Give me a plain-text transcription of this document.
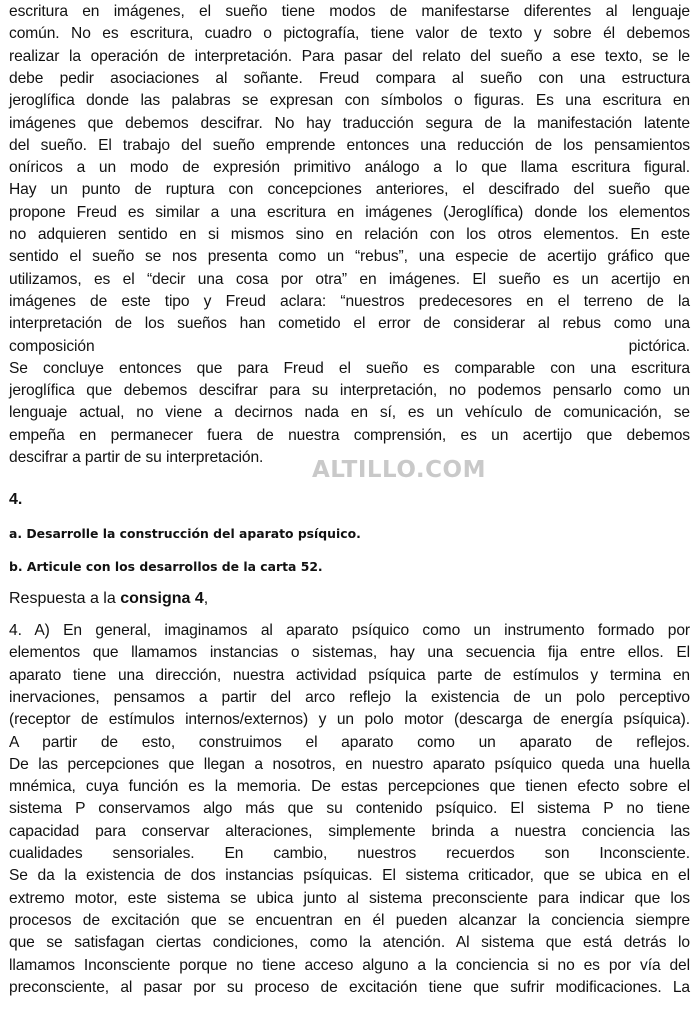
escritura en imágenes, el sueño tiene modos de manifestarse diferentes al lenguaje
común. No es escritura, cuadro o pictografía, tiene valor de texto y sobre él debemos
realizar la operación de interpretación. Para pasar del relato del sueño a ese texto, se le
debe pedir asociaciones al soñante. Freud compara al sueño con una estructura
jeroglífica donde las palabras se expresan con símbolos o figuras. Es una escritura en
imágenes que debemos descifrar. No hay traducción segura de la manifestación latente
del sueño. El trabajo del sueño emprende entonces una reducción de los pensamientos
oníricos a un modo de expresión primitivo análogo a lo que llama escritura figural.
Hay un punto de ruptura con concepciones anteriores, el descifrado del sueño que
propone Freud es similar a una escritura en imágenes (Jeroglífica) donde los elementos
no adquieren sentido en si mismos sino en relación con los otros elementos. En este
sentido el sueño se nos presenta como un “rebus”, una especie de acertijo gráfico que
utilizamos, es el “decir una cosa por otra” en imágenes. El sueño es un acertijo en
imágenes de este tipo y Freud aclara: “nuestros predecesores en el terreno de la
interpretación de los sueños han cometido el error de considerar al rebus como una
composición pictórica.
Se concluye entonces que para Freud el sueño es comparable con una escritura
jeroglífica que debemos descifrar para su interpretación, no podemos pensarlo como un
lenguaje actual, no viene a decirnos nada en sí, es un vehículo de comunicación, se
empeña en permanecer fuera de nuestra comprensión, es un acertijo que debemos
descifrar a partir de su interpretación.	ALTILLO.COM
4.
a. Desarrolle la construcción del aparato psíquico.
b. Articule con los desarrollos de la carta 52.
Respuesta a la consigna 4,
4. A) En general, imaginamos al aparato psíquico como un instrumento formado por
elementos que llamamos instancias o sistemas, hay una secuencia fija entre ellos. El
aparato tiene una dirección, nuestra actividad psíquica parte de estímulos y termina en
inervaciones, pensamos a partir del arco reflejo la existencia de un polo perceptivo
(receptor de estímulos internos/externos) y un polo motor (descarga de energía psíquica).
A partir de esto, construimos el aparato como un aparato de reflejos.
De las percepciones que llegan a nosotros, en nuestro aparato psíquico queda una huella
mnémica, cuya función es la memoria. De estas percepciones que tienen efecto sobre el
sistema P conservamos algo más que su contenido psíquico. El sistema P no tiene
capacidad para conservar alteraciones, simplemente brinda a nuestra conciencia las
cualidades sensoriales. En cambio, nuestros recuerdos son Inconsciente.
Se da la existencia de dos instancias psíquicas. El sistema criticador, que se ubica en el
extremo motor, este sistema se ubica junto al sistema preconsciente para indicar que los
procesos de excitación que se encuentran en él pueden alcanzar la conciencia siempre
que se satisfagan ciertas condiciones, como la atención. Al sistema que está detrás lo
llamamos Inconsciente porque no tiene acceso alguno a la conciencia si no es por vía del
preconsciente, al pasar por su proceso de excitación tiene que sufrir modificaciones. La
